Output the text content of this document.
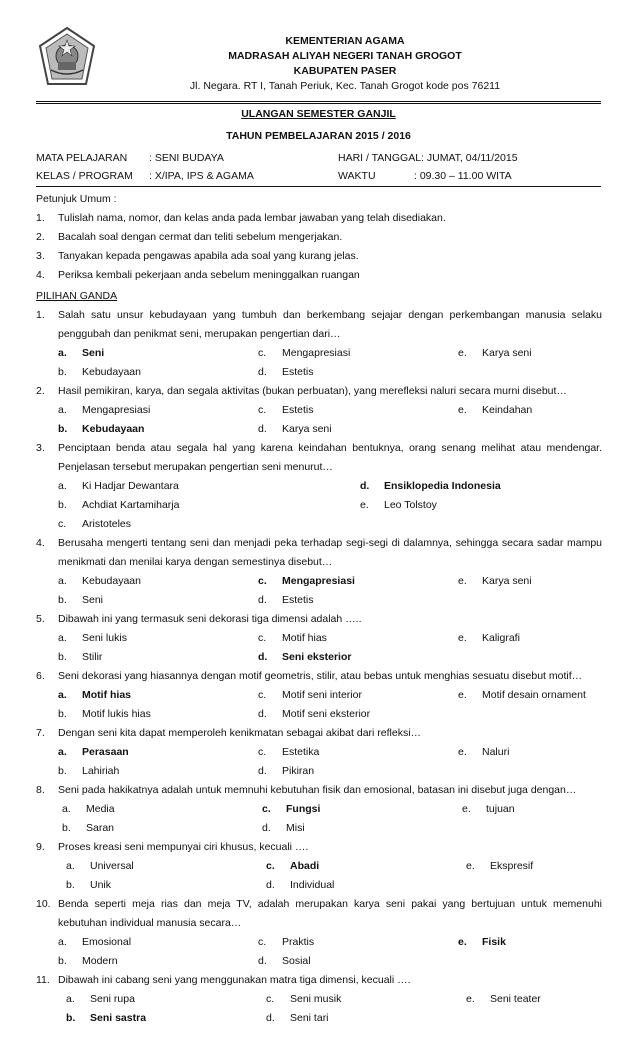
KEMENTERIAN AGAMA
MADRASAH ALIYAH NEGERI TANAH GROGOT
KABUPATEN PASER
Jl. Negara. RT I, Tanah Periuk, Kec. Tanah Grogot kode pos 76211
ULANGAN SEMESTER GANJIL
TAHUN PEMBELAJARAN 2015 / 2016
MATA PELAJARAN : SENI BUDAYA	HARI / TANGGAL: JUMAT, 04/11/2015
KELAS / PROGRAM : X/IPA, IPS & AGAMA	WAKTU	: 09.30 – 11.00 WITA
Petunjuk Umum :
1.	Tulislah nama, nomor, dan kelas anda pada lembar jawaban yang telah disediakan.
2.	Bacalah soal dengan cermat dan teliti sebelum mengerjakan.
3.	Tanyakan kepada pengawas apabila ada soal yang kurang jelas.
4.	Periksa kembali pekerjaan anda sebelum meninggalkan ruangan
PILIHAN GANDA
1. Salah satu unsur kebudayaan yang tumbuh dan berkembang sejajar dengan perkembangan manusia selaku penggubah dan penikmat seni, merupakan pengertian dari…
a. Seni	c. Mengapresiasi	e. Karya seni
b. Kebudayaan	d. Estetis
2. Hasil pemikiran, karya, dan segala aktivitas (bukan perbuatan), yang merefleksi naluri secara murni disebut…
a. Mengapresiasi	c. Estetis	e. Keindahan
b. Kebudayaan	d. Karya seni
3. Penciptaan benda atau segala hal yang karena keindahan bentuknya, orang senang melihat atau mendengar. Penjelasan tersebut merupakan pengertian seni menurut…
a. Ki Hadjar Dewantara	d. Ensiklopedia Indonesia
b. Achdiat Kartamiharja	e. Leo Tolstoy
c. Aristoteles
4. Berusaha mengerti tentang seni dan menjadi peka terhadap segi-segi di dalamnya, sehingga secara sadar mampu menikmati dan menilai karya dengan semestinya disebut…
a. Kebudayaan	c. Mengapresiasi	e. Karya seni
b. Seni	d. Estetis
5. Dibawah ini yang termasuk seni dekorasi tiga dimensi adalah …..
a. Seni lukis	c. Motif hias	e. Kaligrafi
b. Stilir	d. Seni eksterior
6. Seni dekorasi yang hiasannya dengan motif geometris, stilir, atau bebas untuk menghias sesuatu disebut motif…
a. Motif hias	c. Motif seni interior	e. Motif desain ornament
b. Motif lukis hias	d. Motif seni eksterior
7. Dengan seni kita dapat memperoleh kenikmatan sebagai akibat dari refleksi…
a. Perasaan	c. Estetika	e. Naluri
b. Lahiriah	d. Pikiran
8. Seni pada hakikatnya adalah untuk memnuhi kebutuhan fisik dan emosional, batasan ini disebut juga dengan…
a. Media	c. Fungsi	e. tujuan
b. Saran	d. Misi
9. Proses kreasi seni mempunyai ciri khusus, kecuali ….
a. Universal	c. Abadi	e. Ekspresif
b. Unik	d. Individual
10. Benda seperti meja rias dan meja TV, adalah merupakan karya seni pakai yang bertujuan untuk memenuhi kebutuhan individual manusia secara…
a. Emosional	c. Praktis	e. Fisik
b. Modern	d. Sosial
11. Dibawah ini cabang seni yang menggunakan matra tiga dimensi, kecuali ….
a. Seni rupa	c. Seni musik	e. Seni teater
b. Seni sastra	d. Seni tari
